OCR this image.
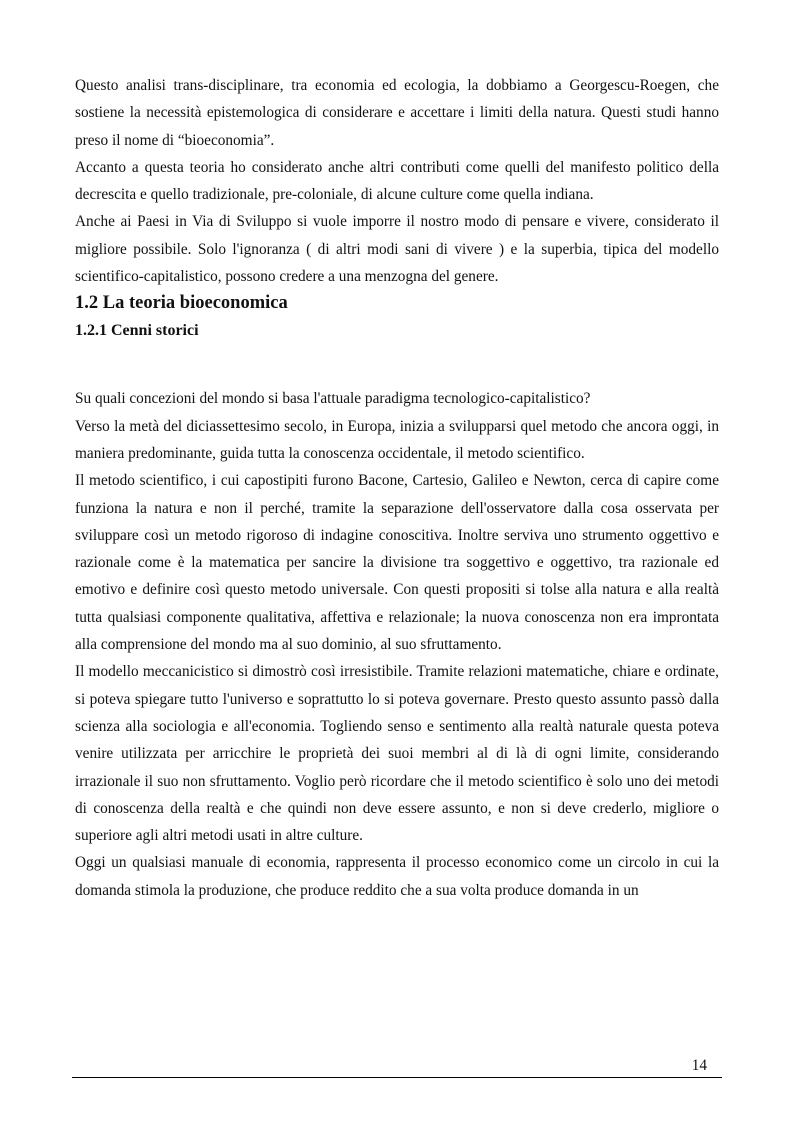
Questo analisi trans-disciplinare, tra economia ed ecologia, la dobbiamo a Georgescu-Roegen, che sostiene la necessità epistemologica di considerare e accettare i limiti della natura. Questi studi hanno preso il nome di “bioeconomia”.

Accanto a questa teoria ho considerato anche altri contributi come quelli del manifesto politico della decrescita e quello tradizionale, pre-coloniale, di alcune culture come quella indiana.

Anche ai Paesi in Via di Sviluppo si vuole imporre il nostro modo di pensare e vivere, considerato il migliore possibile. Solo l'ignoranza ( di altri modi sani di vivere ) e la superbia, tipica del modello scientifico-capitalistico, possono credere a una menzogna del genere.

1.2 La teoria bioeconomica
1.2.1 Cenni storici

Su quali concezioni del mondo si basa l'attuale paradigma tecnologico-capitalistico?

Verso la metà del diciassettesimo secolo, in Europa, inizia a svilupparsi quel metodo che ancora oggi, in maniera predominante, guida tutta la conoscenza occidentale, il metodo scientifico.

Il metodo scientifico, i cui capostipiti furono Bacone, Cartesio, Galileo e Newton, cerca di capire come funziona la natura e non il perché, tramite la separazione dell'osservatore dalla cosa osservata per sviluppare così un metodo rigoroso di indagine conoscitiva. Inoltre serviva uno strumento oggettivo e razionale come è la matematica per sancire la divisione tra soggettivo e oggettivo, tra razionale ed emotivo e definire così questo metodo universale. Con questi propositi si tolse alla natura e alla realtà tutta qualsiasi componente qualitativa, affettiva e relazionale; la nuova conoscenza non era improntata alla comprensione del mondo ma al suo dominio, al suo sfruttamento.

Il modello meccanicistico si dimostrò così irresistibile. Tramite relazioni matematiche, chiare e ordinate, si poteva spiegare tutto l'universo e soprattutto lo si poteva governare. Presto questo assunto passò dalla scienza alla sociologia e all'economia. Togliendo senso e sentimento alla realtà naturale questa poteva venire utilizzata per arricchire le proprietà dei suoi membri al di là di ogni limite, considerando irrazionale il suo non sfruttamento. Voglio però ricordare che il metodo scientifico è solo uno dei metodi di conoscenza della realtà e che quindi non deve essere assunto, e non si deve crederlo, migliore o superiore agli altri metodi usati in altre culture.

Oggi un qualsiasi manuale di economia, rappresenta il processo economico come un circolo in cui la domanda stimola la produzione, che produce reddito che a sua volta produce domanda in un

14
